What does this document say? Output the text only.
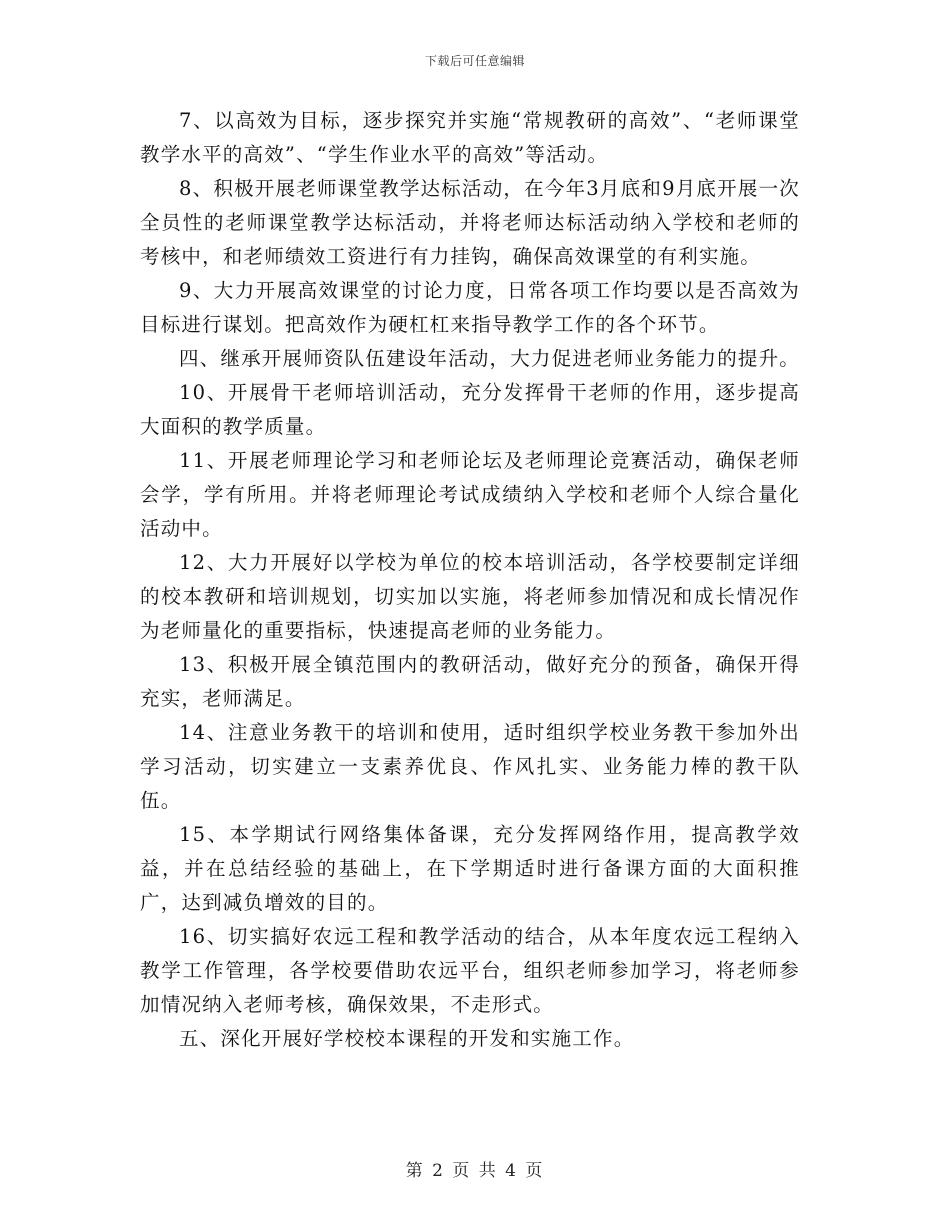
下载后可任意编辑

7、以高效为目标，逐步探究并实施“常规教研的高效”、“老师课堂教学水平的高效”、“学生作业水平的高效”等活动。

8、积极开展老师课堂教学达标活动，在今年3月底和9月底开展一次全员性的老师课堂教学达标活动，并将老师达标活动纳入学校和老师的考核中，和老师绩效工资进行有力挂钩，确保高效课堂的有利实施。

9、大力开展高效课堂的讨论力度，日常各项工作均要以是否高效为目标进行谋划。把高效作为硬杠杠来指导教学工作的各个环节。

四、继承开展师资队伍建设年活动，大力促进老师业务能力的提升。

10、开展骨干老师培训活动，充分发挥骨干老师的作用，逐步提高大面积的教学质量。

11、开展老师理论学习和老师论坛及老师理论竞赛活动，确保老师会学，学有所用。并将老师理论考试成绩纳入学校和老师个人综合量化活动中。

12、大力开展好以学校为单位的校本培训活动，各学校要制定详细的校本教研和培训规划，切实加以实施，将老师参加情况和成长情况作为老师量化的重要指标，快速提高老师的业务能力。

13、积极开展全镇范围内的教研活动，做好充分的预备，确保开得充实，老师满足。

14、注意业务教干的培训和使用，适时组织学校业务教干参加外出学习活动，切实建立一支素养优良、作风扎实、业务能力棒的教干队伍。

15、本学期试行网络集体备课，充分发挥网络作用，提高教学效益，并在总结经验的基础上，在下学期适时进行备课方面的大面积推广，达到减负增效的目的。

16、切实搞好农远工程和教学活动的结合，从本年度农远工程纳入教学工作管理，各学校要借助农远平台，组织老师参加学习，将老师参加情况纳入老师考核，确保效果，不走形式。

五、深化开展好学校校本课程的开发和实施工作。

第 2 页 共 4 页
